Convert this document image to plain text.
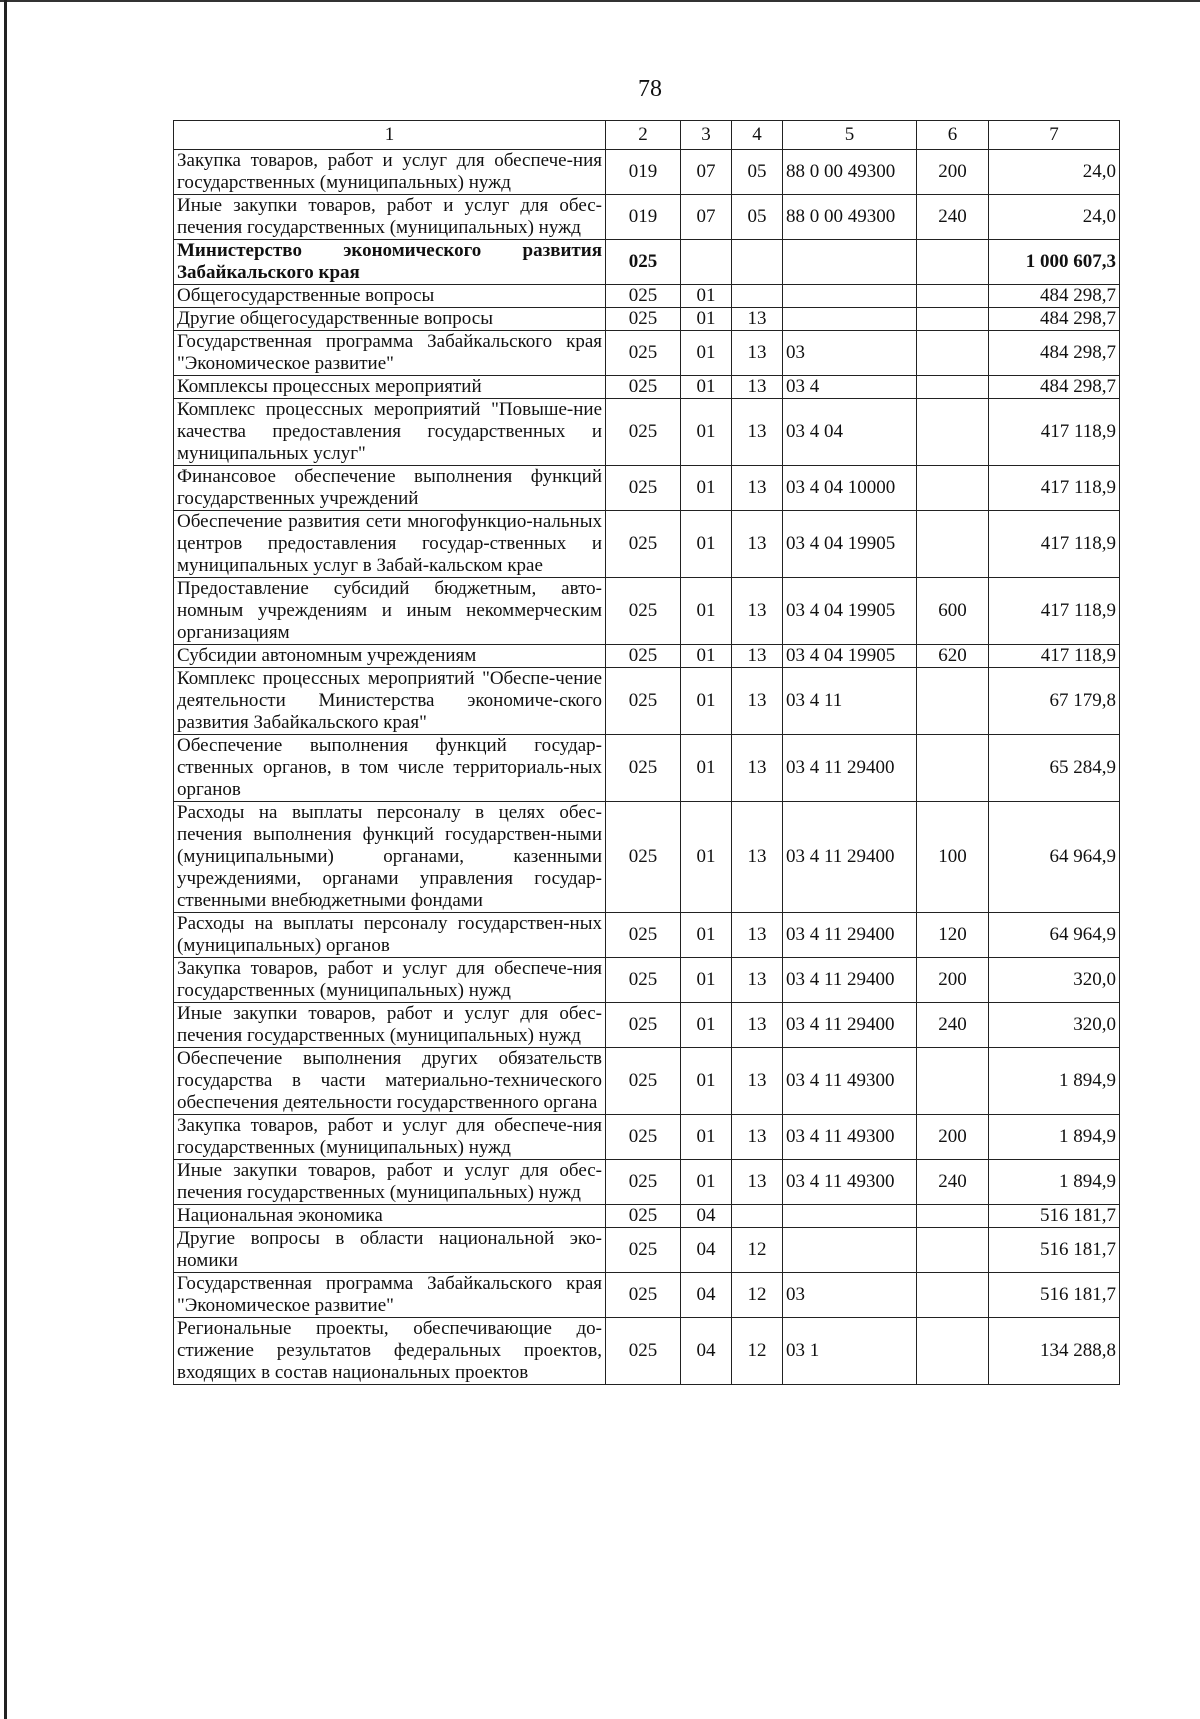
78
1	2	3	4	5	6	7
Закупка товаров, работ и услуг для обеспече-ния государственных (муниципальных) нужд	019	07	05	88 0 00 49300	200	24,0
Иные закупки товаров, работ и услуг для обес-печения государственных (муниципальных) нужд	019	07	05	88 0 00 49300	240	24,0
Министерство экономического развития Забайкальского края	025					1 000 607,3
Общегосударственные вопросы	025	01				484 298,7
Другие общегосударственные вопросы	025	01	13			484 298,7
Государственная программа Забайкальского края "Экономическое развитие"	025	01	13	03		484 298,7
Комплексы процессных мероприятий	025	01	13	03 4		484 298,7
Комплекс процессных мероприятий "Повыше-ние качества предоставления государственных и муниципальных услуг"	025	01	13	03 4 04		417 118,9
Финансовое обеспечение выполнения функций государственных учреждений	025	01	13	03 4 04 10000		417 118,9
Обеспечение развития сети многофункцио-нальных центров предоставления государ-ственных и муниципальных услуг в Забай-кальском крае	025	01	13	03 4 04 19905		417 118,9
Предоставление субсидий бюджетным, авто-номным учреждениям и иным некоммерческим организациям	025	01	13	03 4 04 19905	600	417 118,9
Субсидии автономным учреждениям	025	01	13	03 4 04 19905	620	417 118,9
Комплекс процессных мероприятий "Обеспе-чение деятельности Министерства экономиче-ского развития Забайкальского края"	025	01	13	03 4 11		67 179,8
Обеспечение выполнения функций государ-ственных органов, в том числе территориаль-ных органов	025	01	13	03 4 11 29400		65 284,9
Расходы на выплаты персоналу в целях обес-печения выполнения функций государствен-ными (муниципальными) органами, казенными учреждениями, органами управления государ-ственными внебюджетными фондами	025	01	13	03 4 11 29400	100	64 964,9
Расходы на выплаты персоналу государствен-ных (муниципальных) органов	025	01	13	03 4 11 29400	120	64 964,9
Закупка товаров, работ и услуг для обеспече-ния государственных (муниципальных) нужд	025	01	13	03 4 11 29400	200	320,0
Иные закупки товаров, работ и услуг для обес-печения государственных (муниципальных) нужд	025	01	13	03 4 11 29400	240	320,0
Обеспечение выполнения других обязательств государства в части материально-технического обеспечения деятельности государственного органа	025	01	13	03 4 11 49300		1 894,9
Закупка товаров, работ и услуг для обеспече-ния государственных (муниципальных) нужд	025	01	13	03 4 11 49300	200	1 894,9
Иные закупки товаров, работ и услуг для обес-печения государственных (муниципальных) нужд	025	01	13	03 4 11 49300	240	1 894,9
Национальная экономика	025	04				516 181,7
Другие вопросы в области национальной эко-номики	025	04	12			516 181,7
Государственная программа Забайкальского края "Экономическое развитие"	025	04	12	03		516 181,7
Региональные проекты, обеспечивающие до-стижение результатов федеральных проектов, входящих в состав национальных проектов	025	04	12	03 1		134 288,8
